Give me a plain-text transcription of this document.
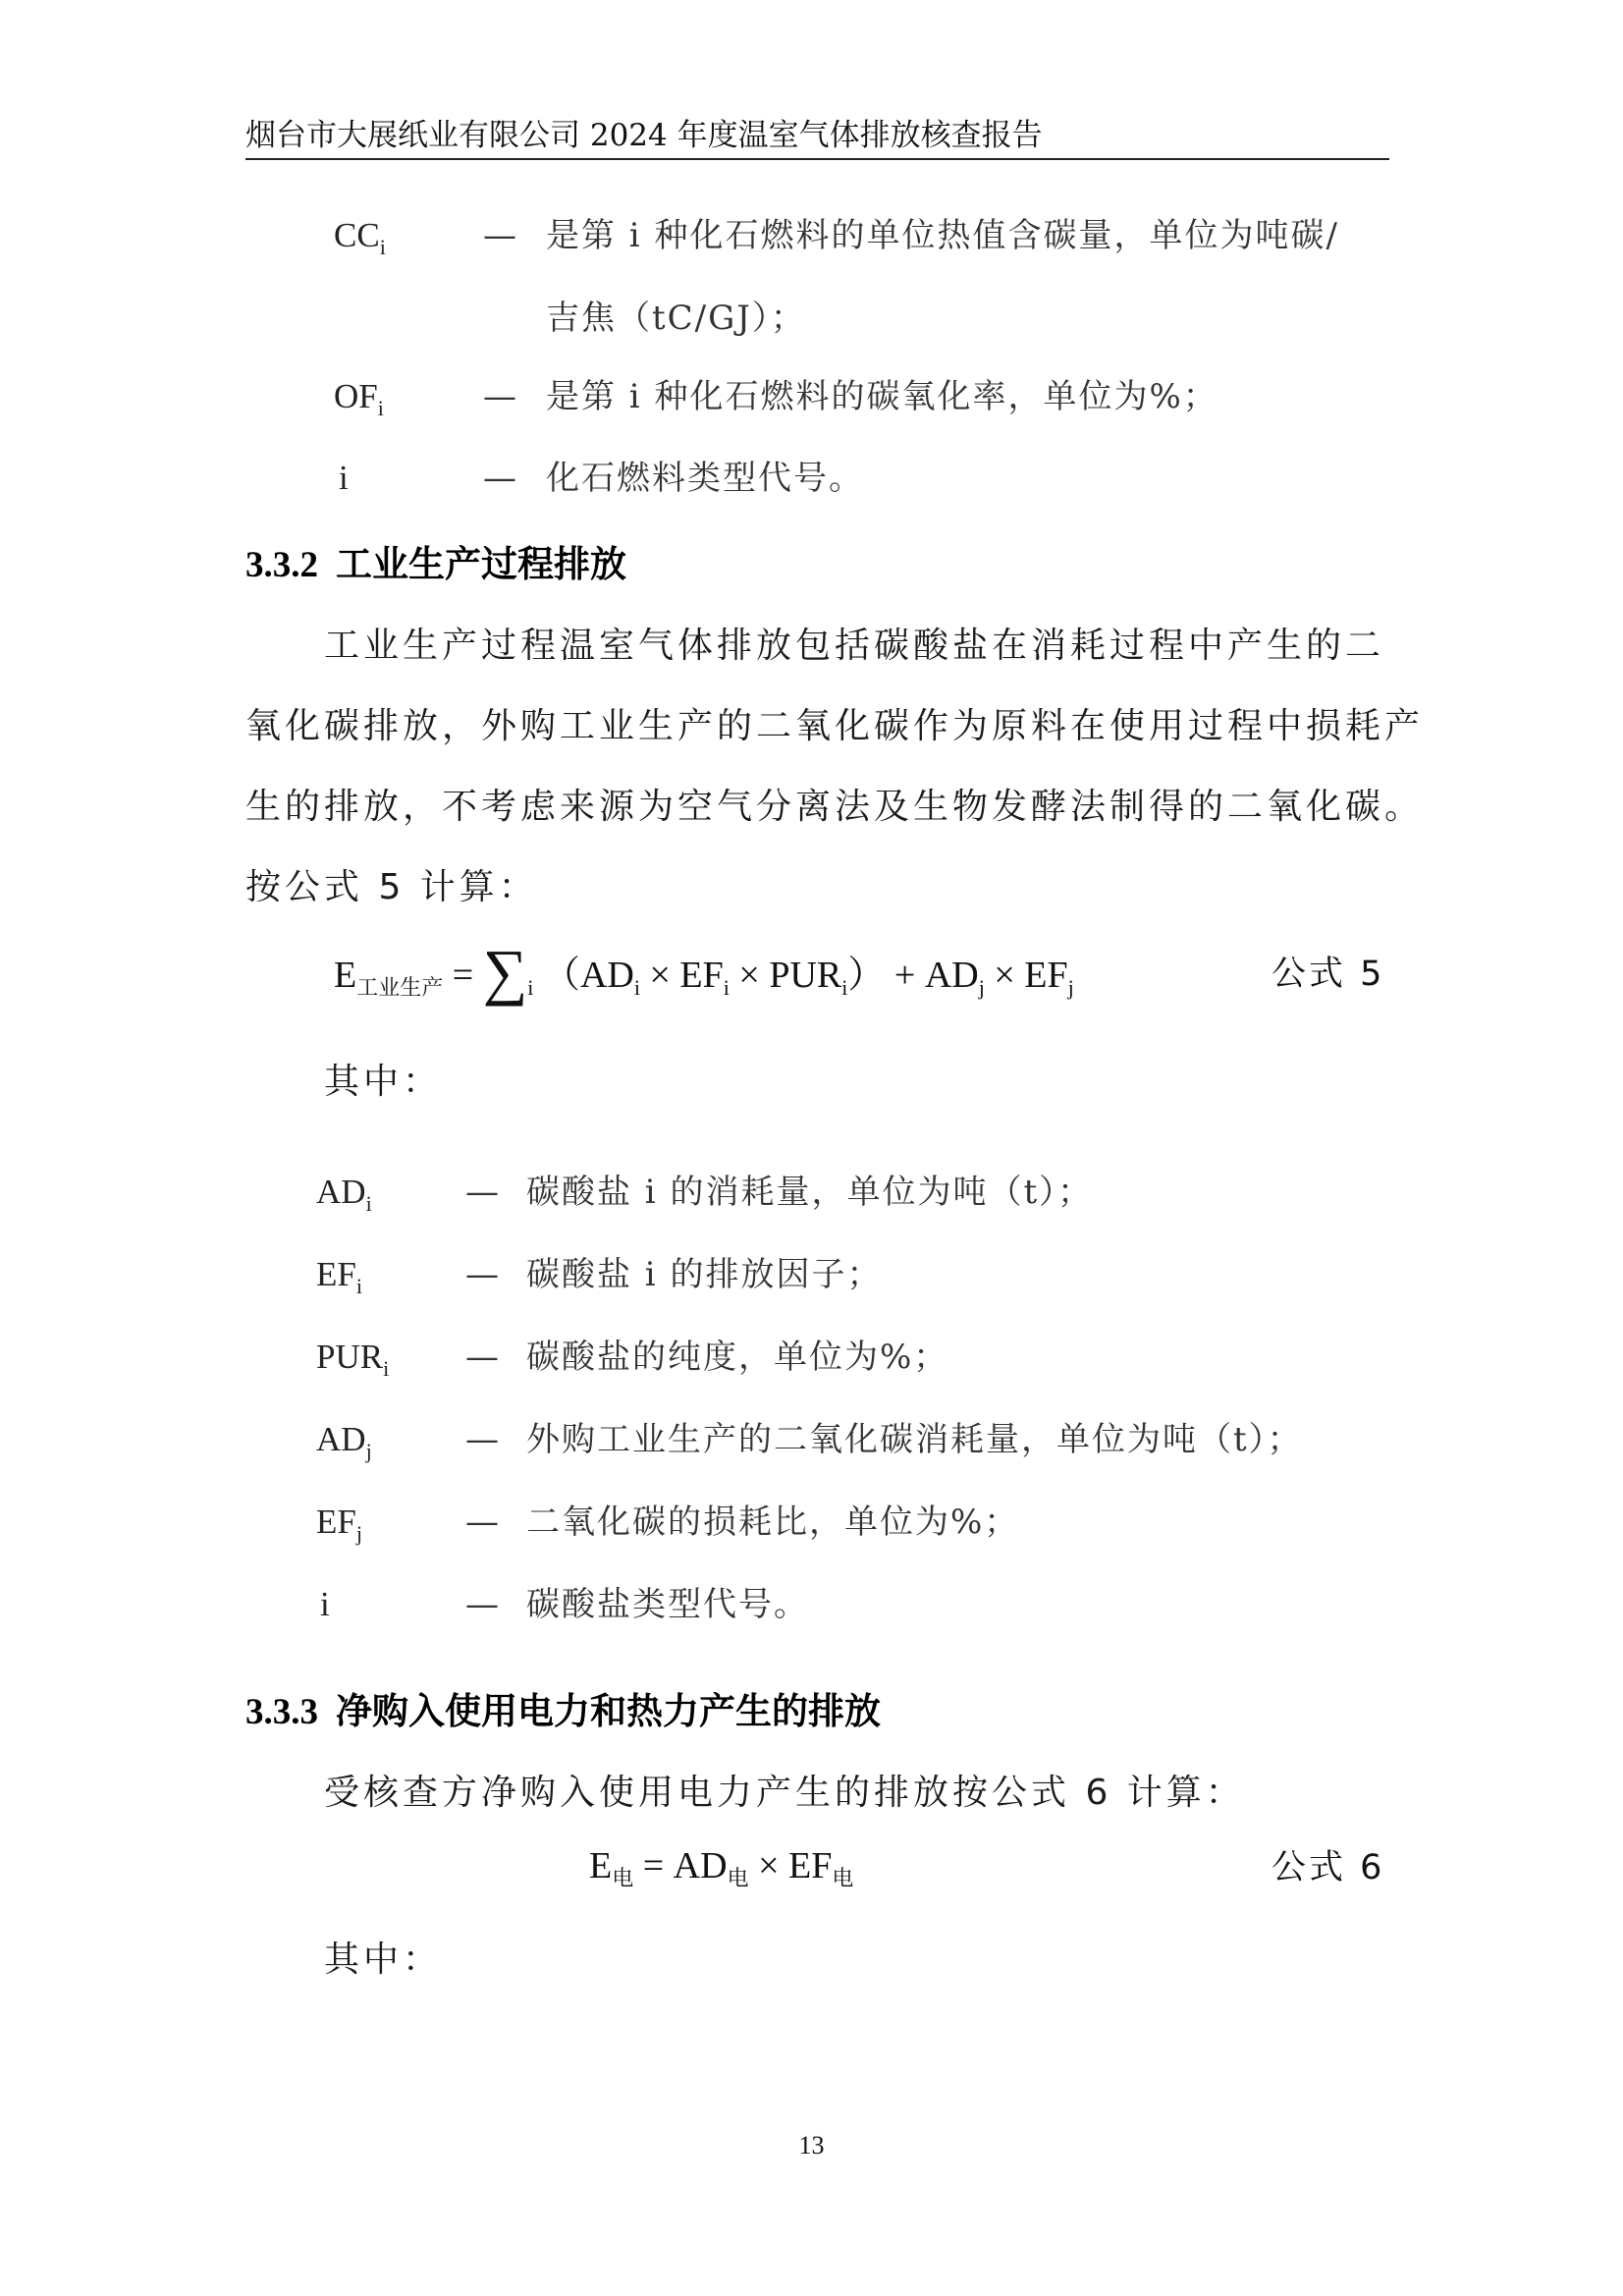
烟台市大展纸业有限公司 2024 年度温室气体排放核查报告
$CC_i$	— 是第 i 种化石燃料的单位热值含碳量，单位为吨碳/
吉焦（tC/GJ）；
$OF_i$	— 是第 i 种化石燃料的碳氧化率，单位为%；
i	— 化石燃料类型代号。
3.3.2 工业生产过程排放
工业生产过程温室气体排放包括碳酸盐在消耗过程中产生的二
氧化碳排放，外购工业生产的二氧化碳作为原料在使用过程中损耗产
生的排放，不考虑来源为空气分离法及生物发酵法制得的二氧化碳。
按公式 5 计算：
$E_{工业生产} = \sum_i$ $(AD_i \times EF_i \times PUR_i) + AD_j \times EF_j$	公式 5
其中：
$AD_i$	— 碳酸盐 i 的消耗量，单位为吨（t）；
$EF_i$	— 碳酸盐 i 的排放因子；
$PUR_i$ — 碳酸盐的纯度，单位为%；
$AD_j$	— 外购工业生产的二氧化碳消耗量，单位为吨（t）；
$EF_j$	— 二氧化碳的损耗比，单位为%；
i	— 碳酸盐类型代号。
3.3.3 净购入使用电力和热力产生的排放
受核查方净购入使用电力产生的排放按公式 6 计算：
$E_电 = AD_电 \times EF_电$	公式 6
其中：
13
